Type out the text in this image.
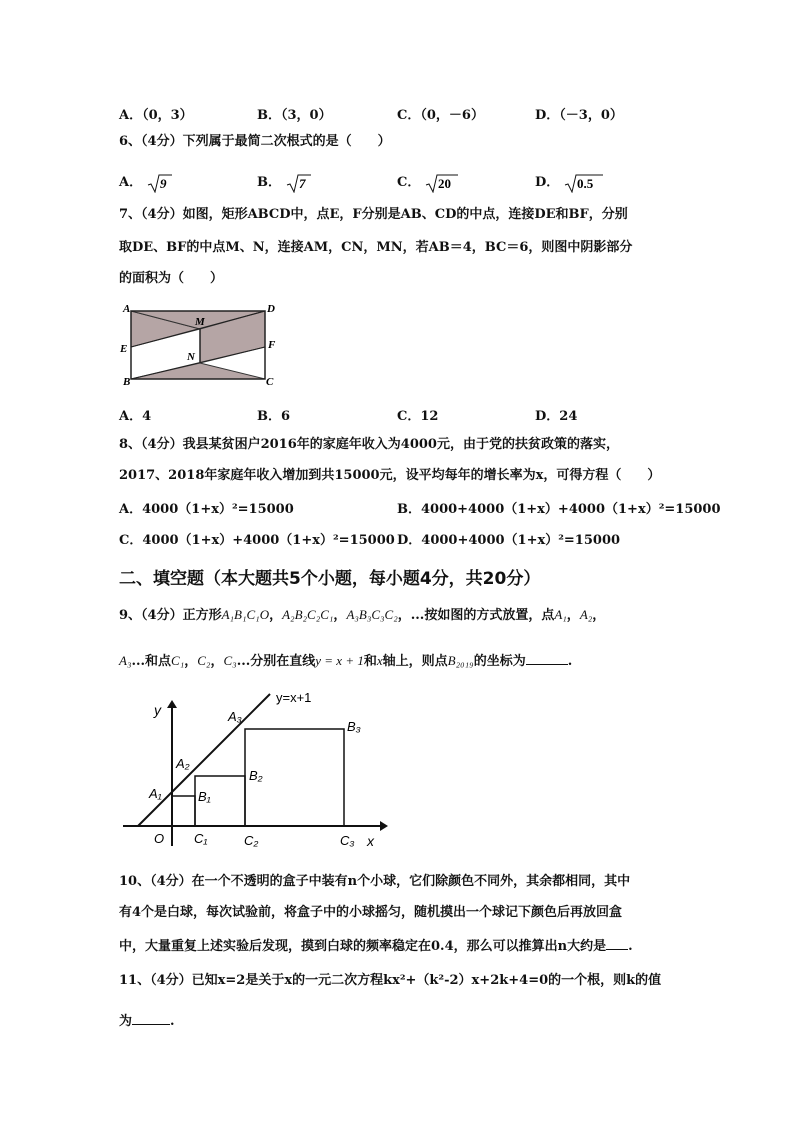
A．（0，3）	B．（3，0）	C．（0，－6）	D．（－3，0）
6、（4分）下列属于最简二次根式的是（　　）
A． 9	B． 7	C． 20	D． 0.5
7、（4分）如图，矩形ABCD中，点E，F分别是AB、CD的中点，连接DE和BF，分别
取DE、BF的中点M、N，连接AM，CN，MN，若AB＝4，BC＝6，则图中阴影部分
的面积为（　　）
A	D
E	F
M
N
B	C
A．4	B．6	C．12	D．24
8、（4分）我县某贫困户2016年的家庭年收入为4000元，由于党的扶贫政策的落实，
2017、2018年家庭年收入增加到共15000元，设平均每年的增长率为x，可得方程（　　）
A．4000（1+x）²=15000	B．4000+4000（1+x）+4000（1+x）²=15000
C．4000（1+x）+4000（1+x）²=15000 D．4000+4000（1+x）²=15000
二、填空题（本大题共5个小题，每小题4分，共20分）
9、（4分）正方形A₁B₁C₁O，A₂B₂C₂C₁，A₃B₃C₃C₂，...按如图的方式放置，点A₁，A₂，
A₃...和点C₁，C₂，C₃...分别在直线y = x + 1和x轴上，则点B₂₀₁₉的坐标为	.
y
y=x+1
A₁
A₂
A₃
B₁
B₂
B₃
O C₁	C₂	C₃ x
10、（4分）在一个不透明的盒子中装有n个小球，它们除颜色不同外，其余都相同，其中
有4个是白球，每次试验前，将盒子中的小球摇匀，随机摸出一个球记下颜色后再放回盒
中，大量重复上述实验后发现，摸到白球的频率稳定在0.4，那么可以推算出n大约是 .
11、（4分）已知x=2是关于x的一元二次方程kx²+（k²-2）x+2k+4=0的一个根，则k的值
为	.
